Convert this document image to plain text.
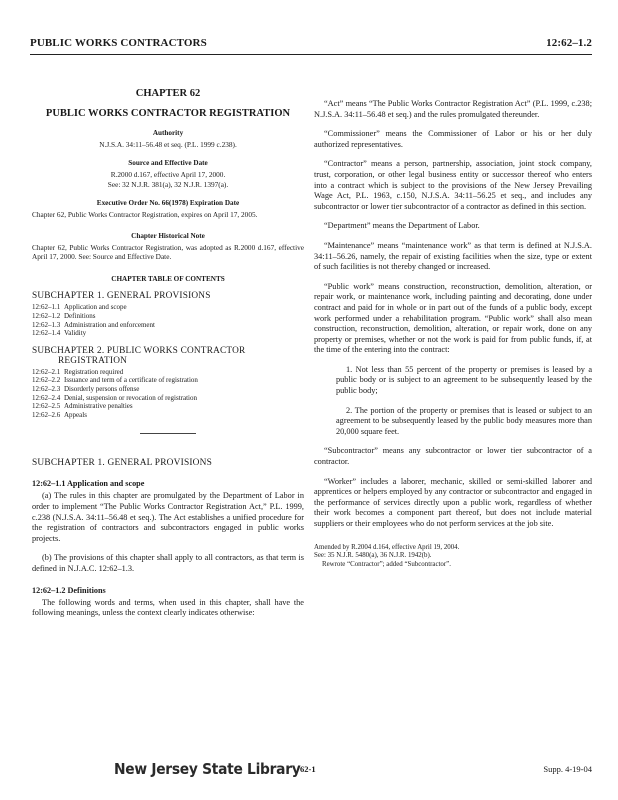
PUBLIC WORKS CONTRACTORS	12:62–1.2
CHAPTER 62
PUBLIC WORKS CONTRACTOR REGISTRATION
Authority
N.J.S.A. 34:11–56.48 et seq. (P.L. 1999 c.238).
Source and Effective Date
R.2000 d.167, effective April 17, 2000.
See: 32 N.J.R. 381(a), 32 N.J.R. 1397(a).
Executive Order No. 66(1978) Expiration Date
Chapter 62, Public Works Contractor Registration, expires on April 17, 2005.
Chapter Historical Note
Chapter 62, Public Works Contractor Registration, was adopted as R.2000 d.167, effective April 17, 2000. See: Source and Effective Date.
CHAPTER TABLE OF CONTENTS
SUBCHAPTER 1. GENERAL PROVISIONS
12:62–1.1 Application and scope
12:62–1.2 Definitions
12:62–1.3 Administration and enforcement
12:62–1.4 Validity
SUBCHAPTER 2. PUBLIC WORKS CONTRACTOR
REGISTRATION
12:62–2.1 Registration required
12:62–2.2 Issuance and term of a certificate of registration
12:62–2.3 Disorderly persons offense
12:62–2.4 Denial, suspension or revocation of registration
12:62–2.5 Administrative penalties
12:62–2.6 Appeals
SUBCHAPTER 1. GENERAL PROVISIONS
12:62–1.1 Application and scope
(a) The rules in this chapter are promulgated by the Department of Labor in order to implement “The Public Works Contractor Registration Act,” P.L. 1999, c.238 (N.J.S.A. 34:11–56.48 et seq.). The Act establishes a unified procedure for the registration of contractors and subcontractors engaged in public works projects.
(b) The provisions of this chapter shall apply to all contractors, as that term is defined in N.J.A.C. 12:62–1.3.
12:62–1.2 Definitions
The following words and terms, when used in this chapter, shall have the following meanings, unless the context clearly indicates otherwise:
“Act” means “The Public Works Contractor Registration Act” (P.L. 1999, c.238; N.J.S.A. 34:11–56.48 et seq.) and the rules promulgated thereunder.
“Commissioner” means the Commissioner of Labor or his or her duly authorized representatives.
“Contractor” means a person, partnership, association, joint stock company, trust, corporation, or other legal business entity or successor thereof who enters into a contract which is subject to the provisions of the New Jersey Prevailing Wage Act, P.L. 1963, c.150, N.J.S.A. 34:11–56.25 et seq., and includes any subcontractor or lower tier subcontractor of a contractor as defined in this section.
“Department” means the Department of Labor.
“Maintenance” means “maintenance work” as that term is defined at N.J.S.A. 34:11–56.26, namely, the repair of existing facilities when the size, type or extent of such facilities is not thereby changed or increased.
“Public work” means construction, reconstruction, demolition, alteration, or repair work, or maintenance work, including painting and decorating, done under contract and paid for in whole or in part out of the funds of a public body, except work performed under a rehabilitation program. “Public work” shall also mean construction, reconstruction, demolition, alteration, or repair work, done on any property or premises, whether or not the work is paid for from public funds, if, at the time of the entering into the contract:
1. Not less than 55 percent of the property or premises is leased by a public body or is subject to an agreement to be subsequently leased by the public body;
2. The portion of the property or premises that is leased or subject to an agreement to be subsequently leased by the public body measures more than 20,000 square feet.
“Subcontractor” means any subcontractor or lower tier subcontractor of a contractor.
“Worker” includes a laborer, mechanic, skilled or semi-skilled laborer and apprentices or helpers employed by any contractor or subcontractor and engaged in the performance of services directly upon a public work, regardless of whether their work becomes a component part thereof, but does not include material suppliers or their employees who do not perform services at the job site.
Amended by R.2004 d.164, effective April 19, 2004.
See: 35 N.J.R. 5480(a), 36 N.J.R. 1942(b).
Rewrote “Contractor”; added “Subcontractor”.
New Jersey State Library 62-1	Supp. 4-19-04
